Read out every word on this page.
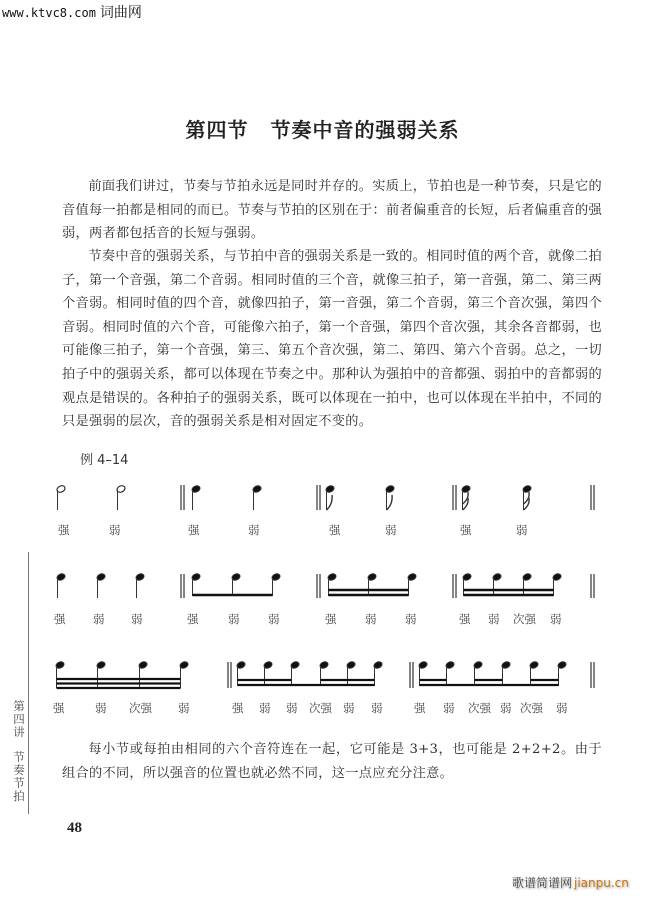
www.ktvc8.com 词曲网
第四节 节奏中音的强弱关系

前面我们讲过，节奏与节拍永远是同时并存的。实质上，节拍也是一种节奏，只是它的音值每一拍都是相同的而已。节奏与节拍的区别在于：前者偏重音的长短，后者偏重音的强弱，两者都包括音的长短与强弱。

节奏中音的强弱关系，与节拍中音的强弱关系是一致的。相同时值的两个音，就像二拍子，第一个音强，第二个音弱。相同时值的三个音，就像三拍子，第一音强，第二、第三两个音弱。相同时值的四个音，就像四拍子，第一音强，第二个音弱，第三个音次强，第四个音弱。相同时值的六个音，可能像六拍子，第一个音强，第四个音次强，其余各音都弱，也可能像三拍子，第一个音强，第三、第五个音次强，第二、第四、第六个音弱。总之，一切拍子中的强弱关系，都可以体现在节奏之中。那种认为强拍中的音都强、弱拍中的音都弱的观点是错误的。各种拍子的强弱关系，既可以体现在一拍中，也可以体现在半拍中，不同的只是强弱的层次，音的强弱关系是相对固定不变的。

例 4–14
强	弱	强	弱	强	弱	强	弱
强 弱 弱	强	弱 弱	强 弱 弱	强 弱 次强 弱
强	弱 次强 弱	强 弱 弱 次强 弱 弱	强 弱 次强 弱 次强 弱

每小节或每拍由相同的六个音符连在一起，它可能是 3+3，也可能是 2+2+2。由于组合的不同，所以强音的位置也就必然不同，这一点应充分注意。

第四讲
节奏节拍
48
歌谱简谱网 jianpu.cn
